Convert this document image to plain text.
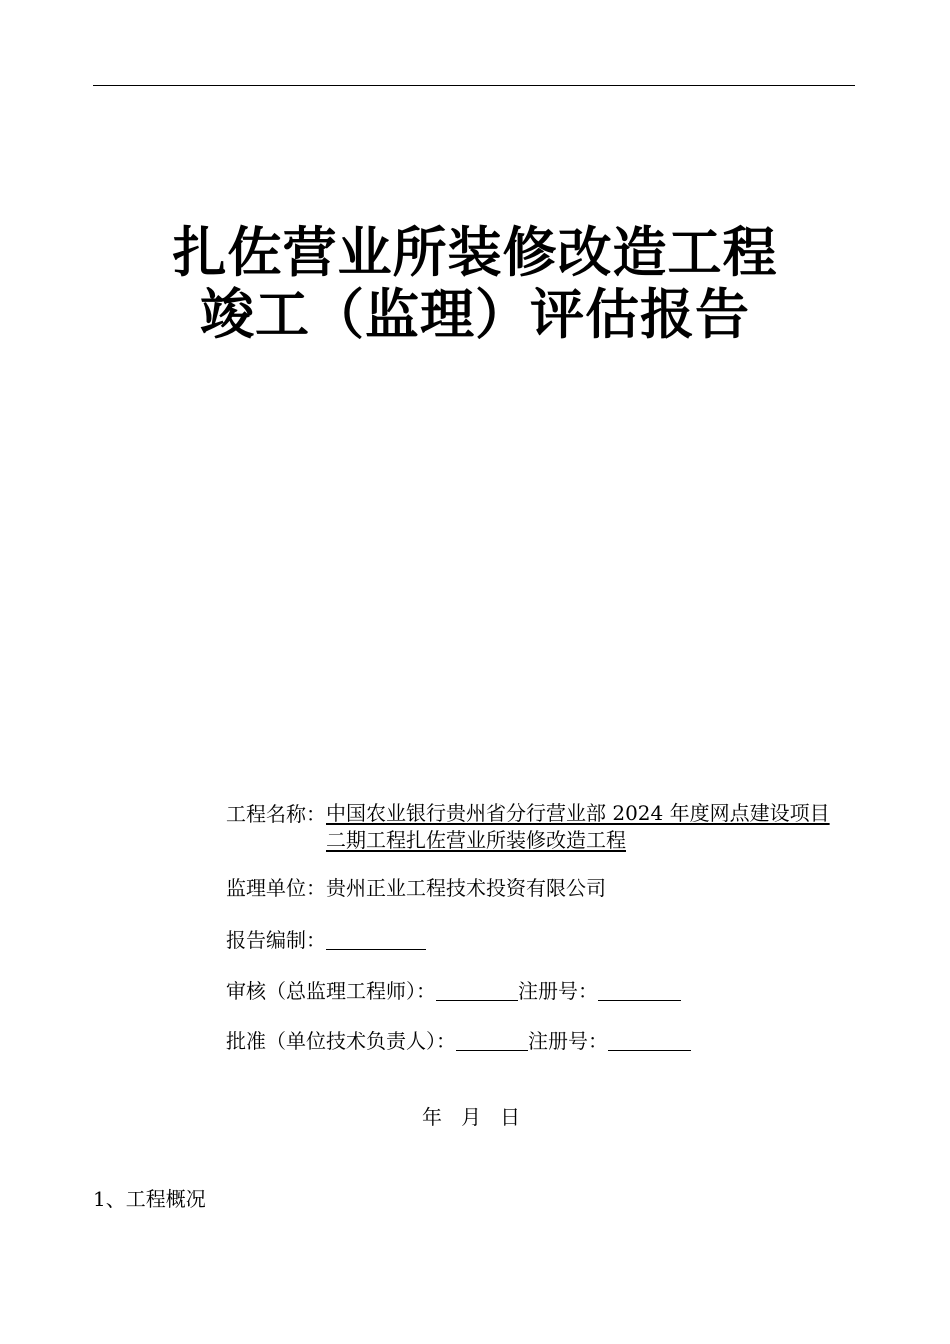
扎佐营业所装修改造工程
竣工（监理）评估报告
工程名称：中国农业银行贵州省分行营业部 2024 年度网点建设项目二期工程扎佐营业所装修改造工程
监理单位：贵州正业工程技术投资有限公司
报告编制：
审核（总监理工程师）：	注册号：
批准（单位技术负责人）：	注册号：
年 月 日
1、工程概况
